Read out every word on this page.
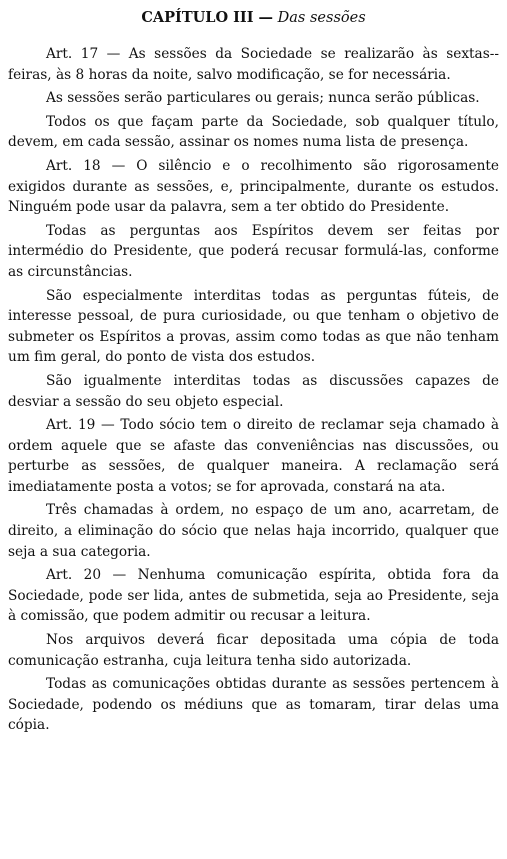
CAPÍTULO III — Das sessões

Art. 17 — As sessões da Sociedade se realizarão às sextas--feiras, às 8 horas da noite, salvo modificação, se for necessária.

As sessões serão particulares ou gerais; nunca serão públicas.

Todos os que façam parte da Sociedade, sob qualquer título, devem, em cada sessão, assinar os nomes numa lista de presença.

Art. 18 — O silêncio e o recolhimento são rigorosamente exigidos durante as sessões, e, principalmente, durante os estudos. Ninguém pode usar da palavra, sem a ter obtido do Presidente.

Todas as perguntas aos Espíritos devem ser feitas por intermédio do Presidente, que poderá recusar formulá-las, conforme as circunstâncias.

São especialmente interditas todas as perguntas fúteis, de interesse pessoal, de pura curiosidade, ou que tenham o objetivo de submeter os Espíritos a provas, assim como todas as que não tenham um fim geral, do ponto de vista dos estudos.

São igualmente interditas todas as discussões capazes de desviar a sessão do seu objeto especial.

Art. 19 — Todo sócio tem o direito de reclamar seja chamado à ordem aquele que se afaste das conveniências nas discussões, ou perturbe as sessões, de qualquer maneira. A reclamação será imediatamente posta a votos; se for aprovada, constará na ata.

Três chamadas à ordem, no espaço de um ano, acarretam, de direito, a eliminação do sócio que nelas haja incorrido, qualquer que seja a sua categoria.

Art. 20 — Nenhuma comunicação espírita, obtida fora da Sociedade, pode ser lida, antes de submetida, seja ao Presidente, seja à comissão, que podem admitir ou recusar a leitura.

Nos arquivos deverá ficar depositada uma cópia de toda comunicação estranha, cuja leitura tenha sido autorizada.

Todas as comunicações obtidas durante as sessões pertencem à Sociedade, podendo os médiuns que as tomaram, tirar delas uma cópia.
